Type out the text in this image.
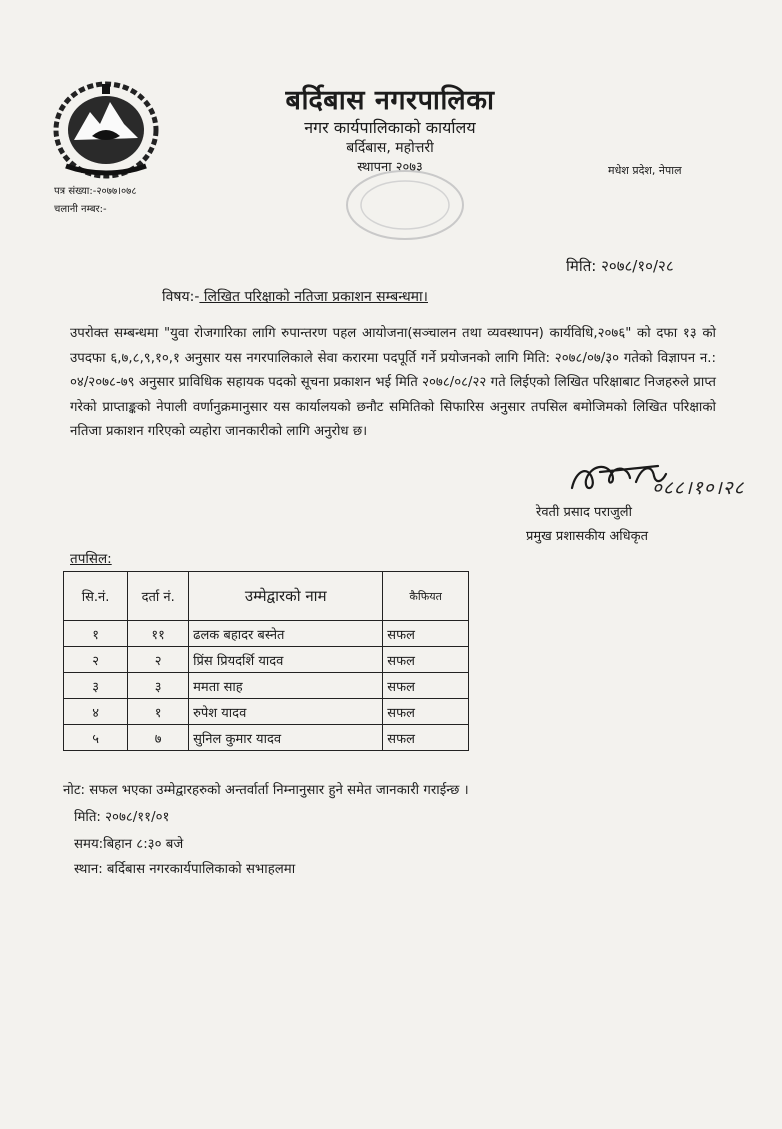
बर्दिबास नगरपालिका
नगर कार्यपालिकाको कार्यालय
बर्दिबास, महोत्तरी
स्थापना २०७३	मधेश प्रदेश, नेपाल
पत्र संख्या:-२०७७।०७८
चलानी नम्बर:-
मिति: २०७८/१०/२८
विषय:- लिखित परिक्षाको नतिजा प्रकाशन सम्बन्धमा।
उपरोक्त सम्बन्धमा "युवा रोजगारिका लागि रुपान्तरण पहल आयोजना(सञ्चालन तथा व्यवस्थापन) कार्यविधि,२०७६" को दफा १३ को उपदफा ६,७,८,९,१०,१ अनुसार यस नगरपालिकाले सेवा करारमा पदपूर्ति गर्ने प्रयोजनको लागि मिति: २०७८/०७/३० गतेको विज्ञापन न.: ०४/२०७८-७९ अनुसार प्राविधिक सहायक पदको सूचना प्रकाशन भई मिति २०७८/०८/२२ गते लिईएको लिखित परिक्षाबाट निजहरुले प्राप्त गरेको प्राप्ताङ्कको नेपाली वर्णानुक्रमानुसार यस कार्यालयको छनौट समितिको सिफारिस अनुसार तपसिल बमोजिमको लिखित परिक्षाको नतिजा प्रकाशन गरिएको व्यहोरा जानकारीको लागि अनुरोध छ।
०८८।१०।२८
रेवती प्रसाद पराजुली
प्रमुख प्रशासकीय अधिकृत
तपसिल:
सि.नं.	दर्ता नं.	उम्मेद्वारको नाम	कैफियत
१	११	ढलक बहादर बस्नेत	सफल
२	२	प्रिंस प्रियदर्शि यादव	सफल
३	३	ममता साह	सफल
४	१	रुपेश यादव	सफल
५	७	सुनिल कुमार यादव	सफल
नोट: सफल भएका उम्मेद्वारहरुको अन्तर्वार्ता निम्नानुसार हुने समेत जानकारी गराईन्छ ।
मिति: २०७८/११/०१
समय:बिहान ८:३० बजे
स्थान: बर्दिबास नगरकार्यपालिकाको सभाहलमा
